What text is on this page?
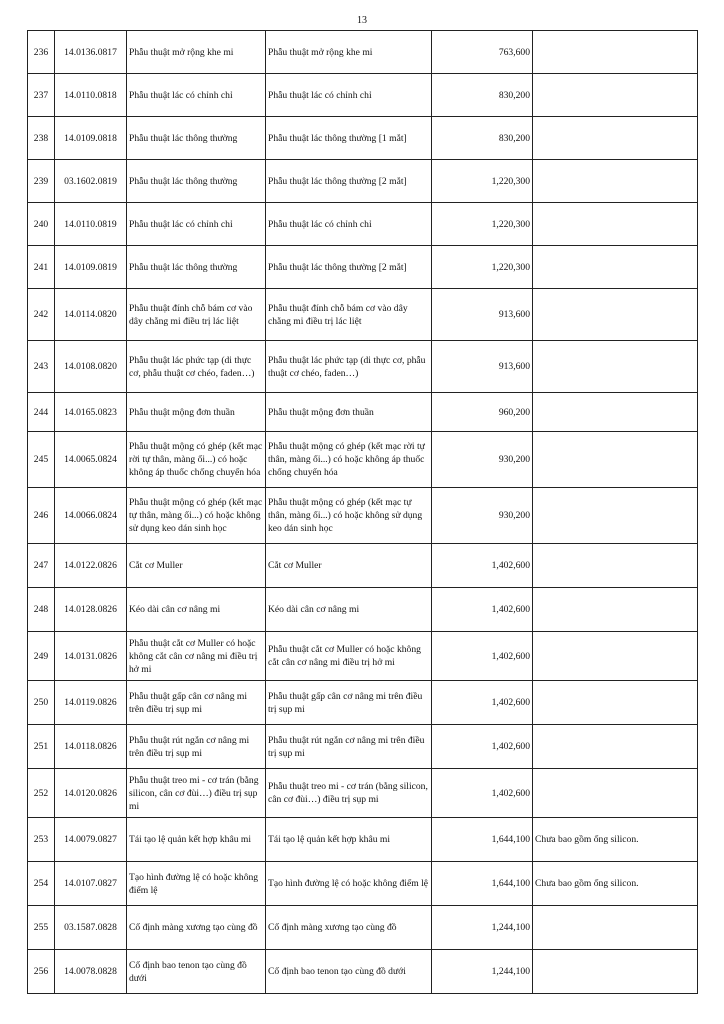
13
236	14.0136.0817	Phẫu thuật mở rộng khe mi	Phẫu thuật mở rộng khe mi	763,600	
237	14.0110.0818	Phẫu thuật lác có chỉnh chỉ	Phẫu thuật lác có chỉnh chỉ	830,200	
238	14.0109.0818	Phẫu thuật lác thông thường	Phẫu thuật lác thông thường [1 mắt]	830,200	
239	03.1602.0819	Phẫu thuật lác thông thường	Phẫu thuật lác thông thường [2 mắt]	1,220,300	
240	14.0110.0819	Phẫu thuật lác có chỉnh chỉ	Phẫu thuật lác có chỉnh chỉ	1,220,300	
241	14.0109.0819	Phẫu thuật lác thông thường	Phẫu thuật lác thông thường [2 mắt]	1,220,300	
242	14.0114.0820	Phẫu thuật đính chỗ bám cơ vào dây chằng mi điều trị lác liệt	Phẫu thuật đính chỗ bám cơ vào dây chằng mi điều trị lác liệt	913,600	
243	14.0108.0820	Phẫu thuật lác phức tạp (di thực cơ, phẫu thuật cơ chéo, faden…)	Phẫu thuật lác phức tạp (di thực cơ, phẫu thuật cơ chéo, faden…)	913,600	
244	14.0165.0823	Phẫu thuật mộng đơn thuần	Phẫu thuật mộng đơn thuần	960,200	
245	14.0065.0824	Phẫu thuật mộng có ghép (kết mạc rời tự thân, màng ối...) có hoặc không áp thuốc chống chuyển hóa	Phẫu thuật mộng có ghép (kết mạc rời tự thân, màng ối...) có hoặc không áp thuốc chống chuyển hóa	930,200	
246	14.0066.0824	Phẫu thuật mộng có ghép (kết mạc tự thân, màng ối...) có hoặc không sử dụng keo dán sinh học	Phẫu thuật mộng có ghép (kết mạc tự thân, màng ối...) có hoặc không sử dụng keo dán sinh học	930,200	
247	14.0122.0826	Cắt cơ Muller	Cắt cơ Muller	1,402,600	
248	14.0128.0826	Kéo dài cân cơ nâng mi	Kéo dài cân cơ nâng mi	1,402,600	
249	14.0131.0826	Phẫu thuật cắt cơ Muller có hoặc không cắt cân cơ nâng mi điều trị hở mi	Phẫu thuật cắt cơ Muller có hoặc không cắt cân cơ nâng mi điều trị hở mi	1,402,600	
250	14.0119.0826	Phẫu thuật gấp cân cơ nâng mi trên điều trị sụp mi	Phẫu thuật gấp cân cơ nâng mi trên điều trị sụp mi	1,402,600	
251	14.0118.0826	Phẫu thuật rút ngắn cơ nâng mi trên điều trị sụp mi	Phẫu thuật rút ngắn cơ nâng mi trên điều trị sụp mi	1,402,600	
252	14.0120.0826	Phẫu thuật treo mi - cơ trán (bằng silicon, cân cơ đùi…) điều trị sụp mi	Phẫu thuật treo mi - cơ trán (bằng silicon, cân cơ đùi…) điều trị sụp mi	1,402,600	
253	14.0079.0827	Tái tạo lệ quản kết hợp khâu mi	Tái tạo lệ quản kết hợp khâu mi	1,644,100	Chưa bao gồm ống silicon.
254	14.0107.0827	Tạo hình đường lệ có hoặc không điểm lệ	Tạo hình đường lệ có hoặc không điểm lệ	1,644,100	Chưa bao gồm ống silicon.
255	03.1587.0828	Cố định màng xương tạo cùng đồ	Cố định màng xương tạo cùng đồ	1,244,100	
256	14.0078.0828	Cố định bao tenon tạo cùng đồ dưới	Cố định bao tenon tạo cùng đồ dưới	1,244,100	
